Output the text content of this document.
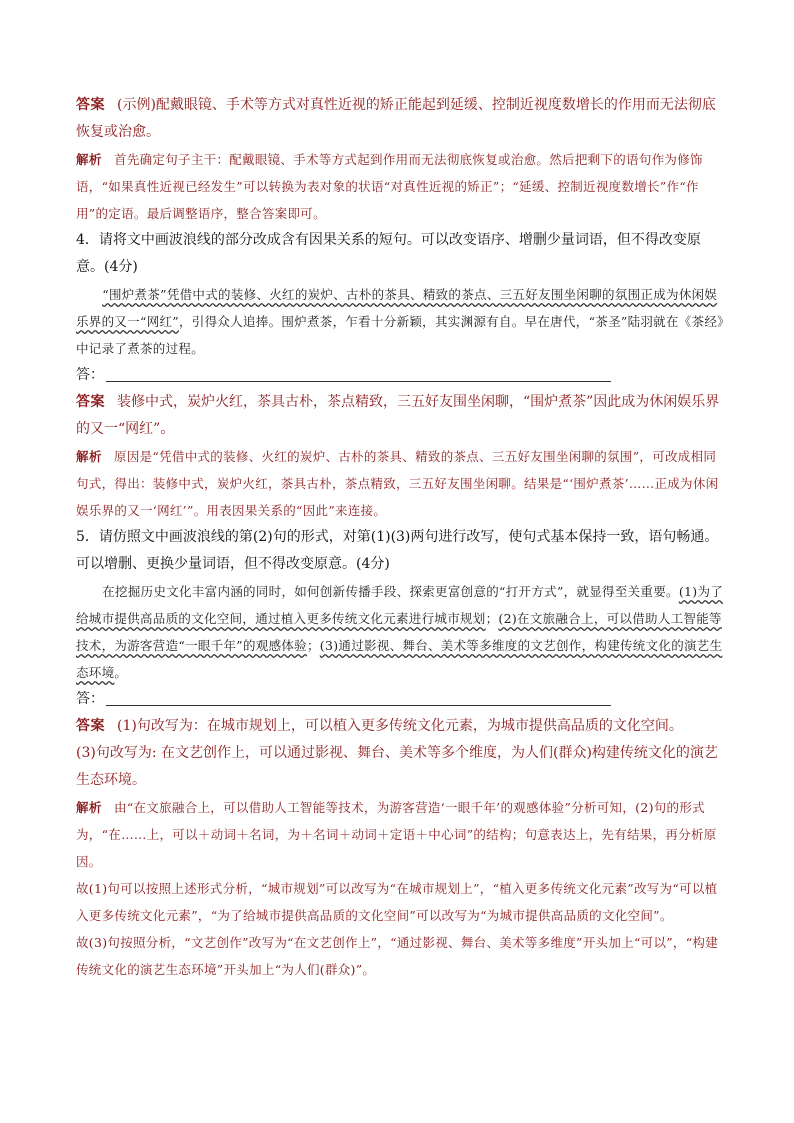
答案 (示例)配戴眼镜、手术等方式对真性近视的矫正能起到延缓、控制近视度数增长的作用而无法彻底恢复或治愈。
解析 首先确定句子主干：配戴眼镜、手术等方式起到作用而无法彻底恢复或治愈。然后把剩下的语句作为修饰语，“如果真性近视已经发生”可以转换为表对象的状语“对真性近视的矫正”；“延缓、控制近视度数增长”作“作用”的定语。最后调整语序，整合答案即可。
4．请将文中画波浪线的部分改成含有因果关系的短句。可以改变语序、增删少量词语，但不得改变原意。(4分)
“围炉煮茶”凭借中式的装修、火红的炭炉、古朴的茶具、精致的茶点、三五好友围坐闲聊的氛围正成为休闲娱乐界的又一“网红”，引得众人追捧。围炉煮茶，乍看十分新颖，其实渊源有自。早在唐代，“茶圣”陆羽就在《茶经》中记录了煮茶的过程。
答：
答案 装修中式，炭炉火红，茶具古朴，茶点精致，三五好友围坐闲聊，“围炉煮茶”因此成为休闲娱乐界的又一“网红”。
解析 原因是“凭借中式的装修、火红的炭炉、古朴的茶具、精致的茶点、三五好友围坐闲聊的氛围”，可改成相同句式，得出：装修中式，炭炉火红，茶具古朴，茶点精致，三五好友围坐闲聊。结果是“‘围炉煮茶’……正成为休闲娱乐界的又一‘网红’”。用表因果关系的“因此”来连接。
5．请仿照文中画波浪线的第(2)句的形式，对第(1)(3)两句进行改写，使句式基本保持一致，语句畅通。可以增删、更换少量词语，但不得改变原意。(4分)
在挖掘历史文化丰富内涵的同时，如何创新传播手段、探索更富创意的“打开方式”，就显得至关重要。(1)为了给城市提供高品质的文化空间，通过植入更多传统文化元素进行城市规划；(2)在文旅融合上，可以借助人工智能等技术，为游客营造“一眼千年”的观感体验；(3)通过影视、舞台、美术等多维度的文艺创作，构建传统文化的演艺生态环境。
答：
答案 (1)句改写为：在城市规划上，可以植入更多传统文化元素，为城市提供高品质的文化空间。
(3)句改写为: 在文艺创作上，可以通过影视、舞台、美术等多个维度，为人们(群众)构建传统文化的演艺生态环境。
解析 由“在文旅融合上，可以借助人工智能等技术，为游客营造‘一眼千年’的观感体验”分析可知，(2)句的形式为，“在……上，可以＋动词＋名词，为＋名词＋动词＋定语＋中心词”的结构；句意表达上，先有结果，再分析原因。
故(1)句可以按照上述形式分析，“城市规划”可以改写为“在城市规划上”，“植入更多传统文化元素”改写为“可以植入更多传统文化元素”，“为了给城市提供高品质的文化空间”可以改写为“为城市提供高品质的文化空间”。
故(3)句按照分析，“文艺创作”改写为“在文艺创作上”，“通过影视、舞台、美术等多维度”开头加上“可以”，“构建传统文化的演艺生态环境”开头加上“为人们(群众)”。
